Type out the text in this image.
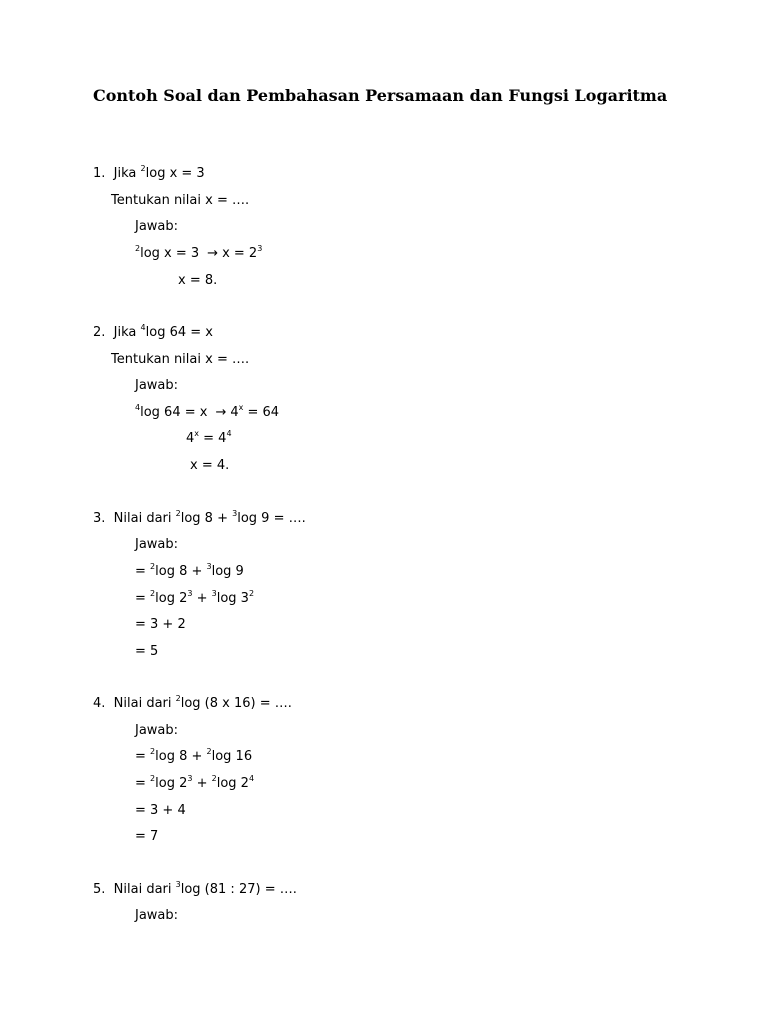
Contoh Soal dan Pembahasan Persamaan dan Fungsi Logaritma
1. Jika $^2$log x = 3
Tentukan nilai x = ….
Jawab:
$^2$log $x = 3 \to x = 2^3$
x = 8.
2. Jika $^4$log 64 = x
Tentukan nilai x = ….
Jawab:
$^4$log $64 = x \to 4^x = 64$
$4^x = 4^4$
x = 4.
3. Nilai dari $^2$log 8 + $^3$log 9 = ….
Jawab:
= $^2$log 8 + $^3$log 9
= $^2$log $2^3 + ^3\log$ $3^2$
= 3 + 2
= 5
4. Nilai dari $^2$log (8 x 16) = ….
Jawab:
= $^2$log 8 + $^2$log 16
= $^2$log $2^3 + ^2\log$ $2^4$
= 3 + 4
= 7
5. Nilai dari $^3$log (81 : 27) = ….
Jawab:
